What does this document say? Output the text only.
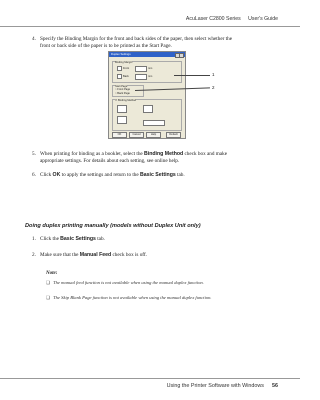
AcuLaser C2800 Series User's Guide
4. Specify the Binding Margin for the front and back sides of the paper, then select whether the
front or back side of the paper is to be printed as the Start Page.
Duplex Settings
Binding Margin
Front	mm
Back	mm
Start Page
○ Front Page
○ Back Page
☐ Binding Method
OK	Cancel	Help	Default
1
2
5. When printing for binding as a booklet, select the Binding Method check box and make
appropriate settings. For details about each setting, see online help.
6. Click OK to apply the settings and return to the Basic Settings tab.
Doing duplex printing manually (models without Duplex Unit only)
1. Click the Basic Settings tab.
2. Make sure that the Manual Feed check box is off.
Note:
❏ The manual feed function is not available when using the manual duplex function.
❏ The Skip Blank Page function is not available when using the manual duplex function.
Using the Printer Software with Windows 56
